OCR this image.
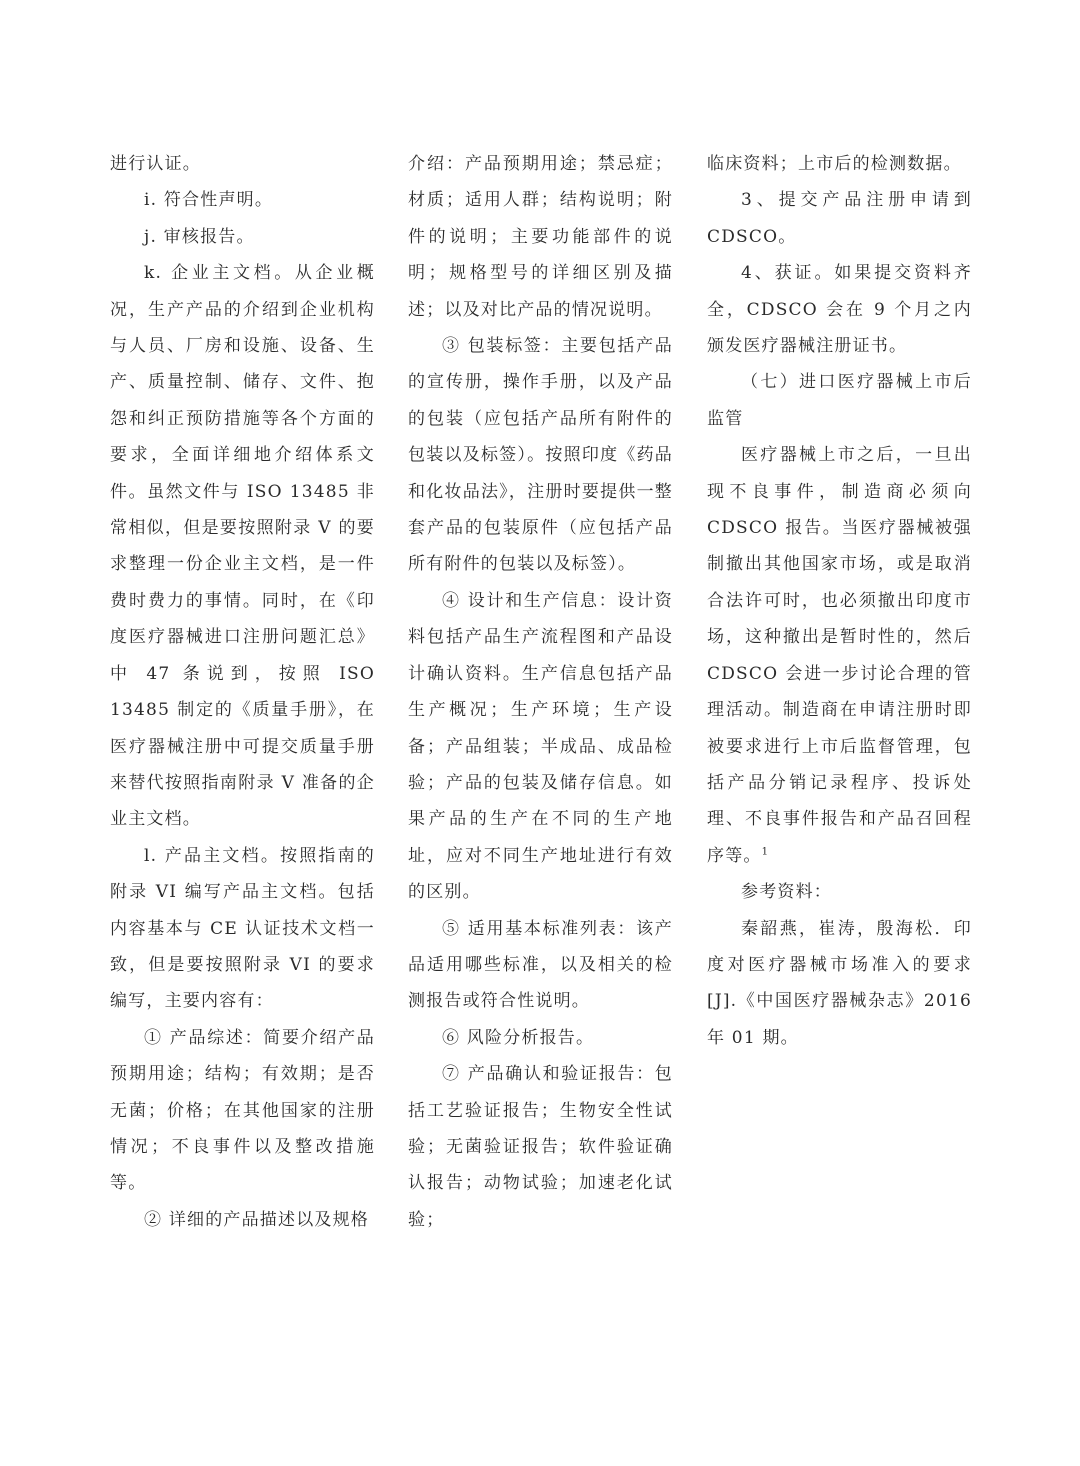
进行认证。

i. 符合性声明。

j. 审核报告。

k. 企业主文档。从企业概况，生产产品的介绍到企业机构与人员、厂房和设施、设备、生产、质量控制、储存、文件、抱怨和纠正预防措施等各个方面的要求，全面详细地介绍体系文件。虽然文件与 ISO 13485 非常相似，但是要按照附录 V 的要求整理一份企业主文档，是一件费时费力的事情。同时，在《印度医疗器械进口注册问题汇总》中 47 条说到，按照 ISO 13485 制定的《质量手册》，在医疗器械注册中可提交质量手册来替代按照指南附录 V 准备的企业主文档。

l. 产品主文档。按照指南的附录 VI 编写产品主文档。包括内容基本与 CE 认证技术文档一致，但是要按照附录 VI 的要求编写，主要内容有：

① 产品综述：简要介绍产品预期用途；结构；有效期；是否无菌；价格；在其他国家的注册情况；不良事件以及整改措施等。

② 详细的产品描述以及规格

介绍：产品预期用途；禁忌症；材质；适用人群；结构说明；附件的说明；主要功能部件的说明；规格型号的详细区别及描述；以及对比产品的情况说明。

③ 包装标签：主要包括产品的宣传册，操作手册，以及产品的包装（应包括产品所有附件的包装以及标签）。按照印度《药品和化妆品法》，注册时要提供一整套产品的包装原件（应包括产品所有附件的包装以及标签）。

④ 设计和生产信息：设计资料包括产品生产流程图和产品设计确认资料。生产信息包括产品生产概况；生产环境；生产设备；产品组装；半成品、成品检验；产品的包装及储存信息。如果产品的生产在不同的生产地址，应对不同生产地址进行有效的区别。

⑤ 适用基本标准列表：该产品适用哪些标准，以及相关的检测报告或符合性说明。

⑥ 风险分析报告。

⑦ 产品确认和验证报告：包括工艺验证报告；生物安全性试验；无菌验证报告；软件验证确认报告；动物试验；加速老化试验；

临床资料；上市后的检测数据。

3、提交产品注册申请到 CDSCO。

4、获证。如果提交资料齐全，CDSCO 会在 9 个月之内颁发医疗器械注册证书。

（七）进口医疗器械上市后监管

医疗器械上市之后，一旦出现不良事件，制造商必须向 CDSCO 报告。当医疗器械被强制撤出其他国家市场，或是取消合法许可时，也必须撤出印度市场，这种撤出是暂时性的，然后 CDSCO 会进一步讨论合理的管理活动。制造商在申请注册时即被要求进行上市后监督管理，包括产品分销记录程序、投诉处理、不良事件报告和产品召回程序等。$^1$

参考资料：

秦韶燕，崔涛，殷海松．印度对医疗器械市场准入的要求 [J].《中国医疗器械杂志》2016 年 01 期。
